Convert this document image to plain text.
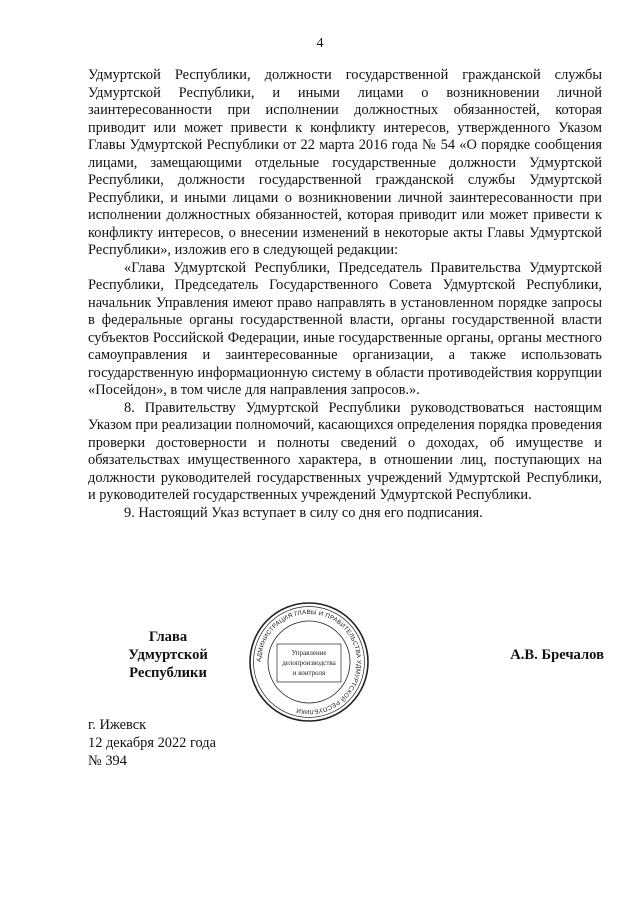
4

Удмуртской Республики, должности государственной гражданской службы Удмуртской Республики, и иными лицами о возникновении личной заинтересованности при исполнении должностных обязанностей, которая приводит или может привести к конфликту интересов, утвержденного Указом Главы Удмуртской Республики от 22 марта 2016 года № 54 «О порядке сообщения лицами, замещающими отдельные государственные должности Удмуртской Республики, должности государственной гражданской службы Удмуртской Республики, и иными лицами о возникновении личной заинтересованности при исполнении должностных обязанностей, которая приводит или может привести к конфликту интересов, о внесении изменений в некоторые акты Главы Удмуртской Республики», изложив его в следующей редакции:

«Глава Удмуртской Республики, Председатель Правительства Удмуртской Республики, Председатель Государственного Совета Удмуртской Республики, начальник Управления имеют право направлять в установленном порядке запросы в федеральные органы государственной власти, органы государственной власти субъектов Российской Федерации, иные государственные органы, органы местного самоуправления и заинтересованные организации, а также использовать государственную информационную систему в области противодействия коррупции «Посейдон», в том числе для направления запросов.».

8. Правительству Удмуртской Республики руководствоваться настоящим Указом при реализации полномочий, касающихся определения порядка проведения проверки достоверности и полноты сведений о доходах, об имуществе и обязательствах имущественного характера, в отношении лиц, поступающих на должности руководителей государственных учреждений Удмуртской Республики, и руководителей государственных учреждений Удмуртской Республики.

9. Настоящий Указ вступает в силу со дня его подписания.

Глава
Удмуртской Республики
АДМИНИСТРАЦИЯ ГЛАВЫ И ПРАВИТЕЛЬСТВА УДМУРТСКОЙ РЕСПУБЛИКИ
Управление
делопроизводства
и контроля
А.В. Бречалов
г. Ижевск
12 декабря 2022 года
№ 394
